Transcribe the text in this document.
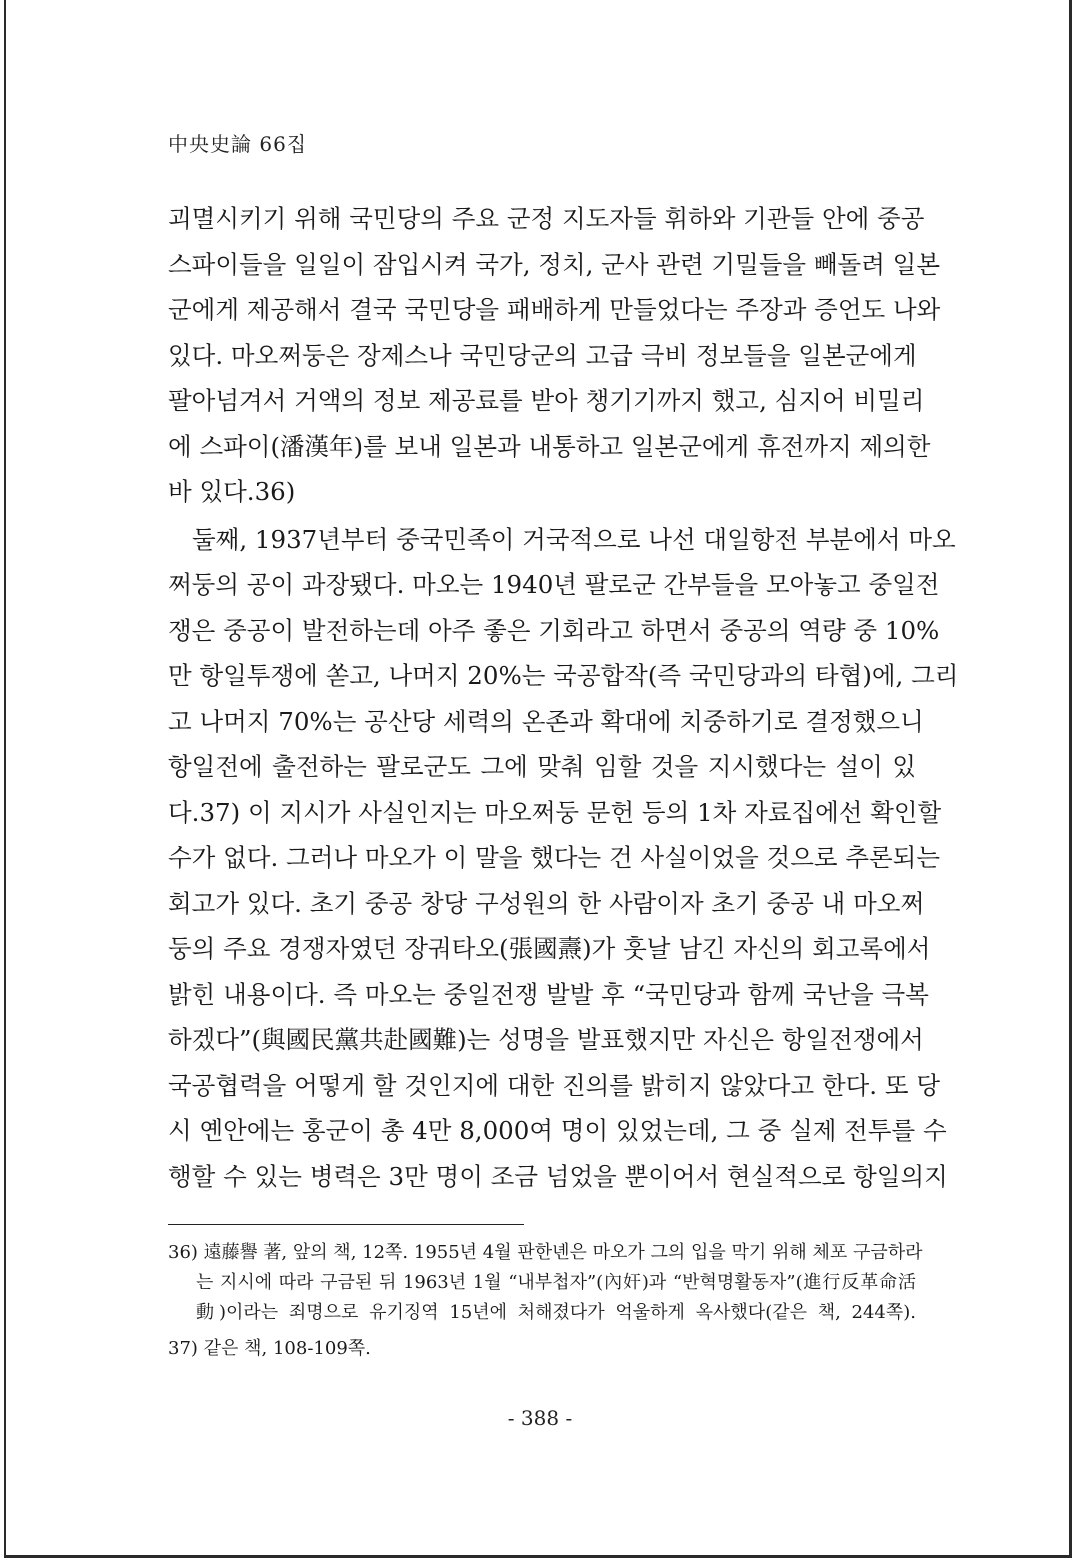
中央史論 66집
괴멸시키기 위해 국민당의 주요 군정 지도자들 휘하와 기관들 안에 중공
스파이들을 일일이 잠입시켜 국가, 정치, 군사 관련 기밀들을 빼돌려 일본
군에게 제공해서 결국 국민당을 패배하게 만들었다는 주장과 증언도 나와
있다. 마오쩌둥은 장제스나 국민당군의 고급 극비 정보들을 일본군에게
팔아넘겨서 거액의 정보 제공료를 받아 챙기기까지 했고, 심지어 비밀리
에 스파이(潘漢年)를 보내 일본과 내통하고 일본군에게 휴전까지 제의한
바 있다.36)
둘째, 1937년부터 중국민족이 거국적으로 나선 대일항전 부분에서 마오
쩌둥의 공이 과장됐다. 마오는 1940년 팔로군 간부들을 모아놓고 중일전
쟁은 중공이 발전하는데 아주 좋은 기회라고 하면서 중공의 역량 중 10%
만 항일투쟁에 쏟고, 나머지 20%는 국공합작(즉 국민당과의 타협)에, 그리
고 나머지 70%는 공산당 세력의 온존과 확대에 치중하기로 결정했으니
항일전에 출전하는 팔로군도 그에 맞춰 임할 것을 지시했다는 설이 있
다.37) 이 지시가 사실인지는 마오쩌둥 문헌 등의 1차 자료집에선 확인할
수가 없다. 그러나 마오가 이 말을 했다는 건 사실이었을 것으로 추론되는
회고가 있다. 초기 중공 창당 구성원의 한 사람이자 초기 중공 내 마오쩌
둥의 주요 경쟁자였던 장궈타오(張國燾)가 훗날 남긴 자신의 회고록에서
밝힌 내용이다. 즉 마오는 중일전쟁 발발 후 “국민당과 함께 국난을 극복
하겠다”(與國民黨共赴國難)는 성명을 발표했지만 자신은 항일전쟁에서
국공협력을 어떻게 할 것인지에 대한 진의를 밝히지 않았다고 한다. 또 당
시 옌안에는 홍군이 총 4만 8,000여 명이 있었는데, 그 중 실제 전투를 수
행할 수 있는 병력은 3만 명이 조금 넘었을 뿐이어서 현실적으로 항일의지
36) 遠藤譽 著, 앞의 책, 12쪽. 1955년 4월 판한녠은 마오가 그의 입을 막기 위해 체포 구금하라
는 지시에 따라 구금된 뒤 1963년 1월 “내부첩자”(內奸)과 “반혁명활동자”(進行反革命活
動)이라는 죄명으로 유기징역 15년에 처해졌다가 억울하게 옥사했다(같은 책, 244쪽).
37) 같은 책, 108-109쪽.
- 388 -
